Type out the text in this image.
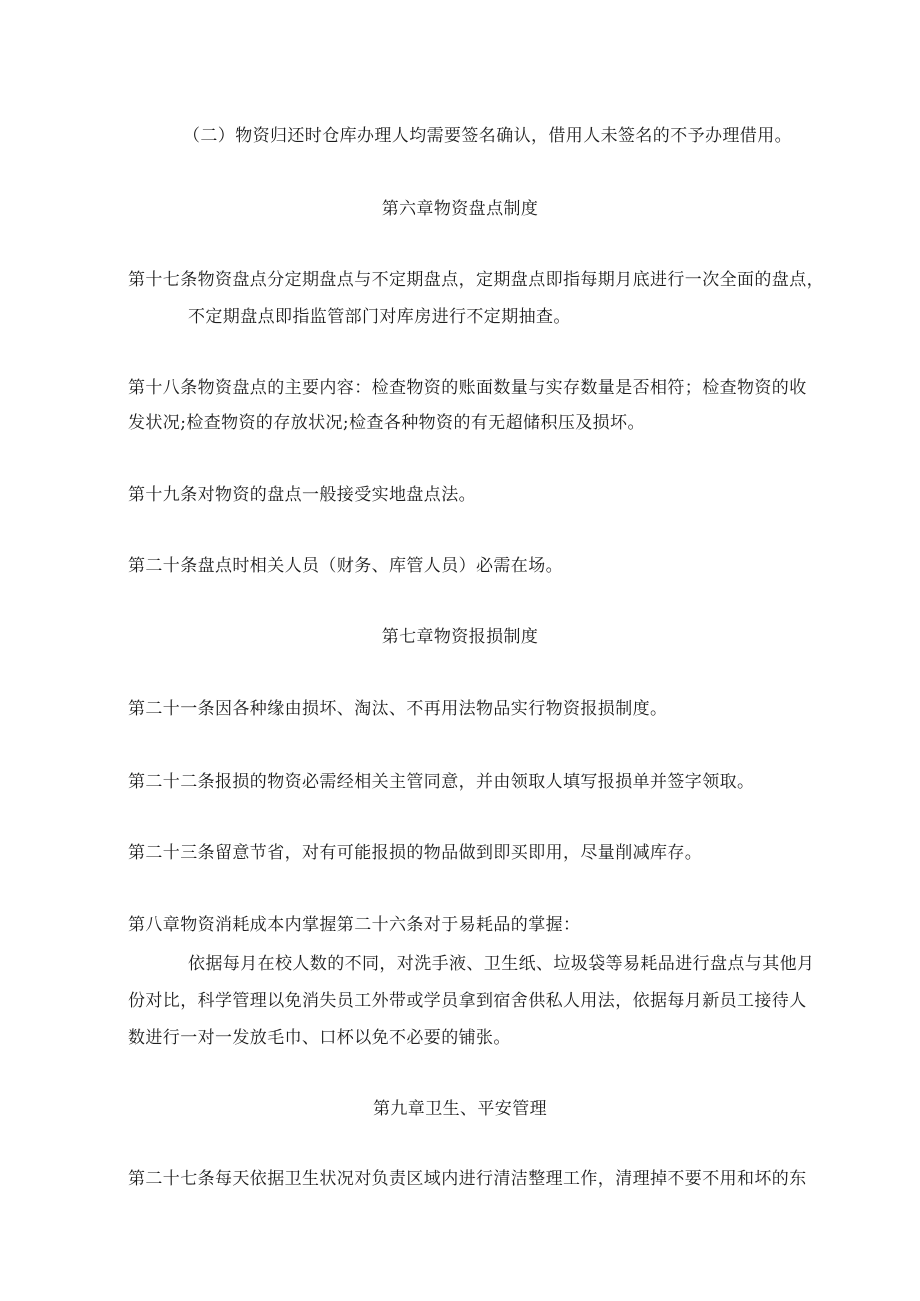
（二）物资归还时仓库办理人均需要签名确认，借用人未签名的不予办理借用。
第六章物资盘点制度
第十七条物资盘点分定期盘点与不定期盘点，定期盘点即指每期月底进行一次全面的盘点，
不定期盘点即指监管部门对库房进行不定期抽查。
第十八条物资盘点的主要内容：检查物资的账面数量与实存数量是否相符；检查物资的收
发状况;检查物资的存放状况;检查各种物资的有无超储积压及损坏。
第十九条对物资的盘点一般接受实地盘点法。
第二十条盘点时相关人员（财务、库管人员）必需在场。
第七章物资报损制度
第二十一条因各种缘由损坏、淘汰、不再用法物品实行物资报损制度。
第二十二条报损的物资必需经相关主管同意，并由领取人填写报损单并签字领取。
第二十三条留意节省，对有可能报损的物品做到即买即用，尽量削减库存。
第八章物资消耗成本内掌握第二十六条对于易耗品的掌握：
依据每月在校人数的不同，对洗手液、卫生纸、垃圾袋等易耗品进行盘点与其他月
份对比，科学管理以免消失员工外带或学员拿到宿舍供私人用法，依据每月新员工接待人
数进行一对一发放毛巾、口杯以免不必要的铺张。
第九章卫生、平安管理
第二十七条每天依据卫生状况对负责区域内进行清洁整理工作，清理掉不要不用和坏的东
